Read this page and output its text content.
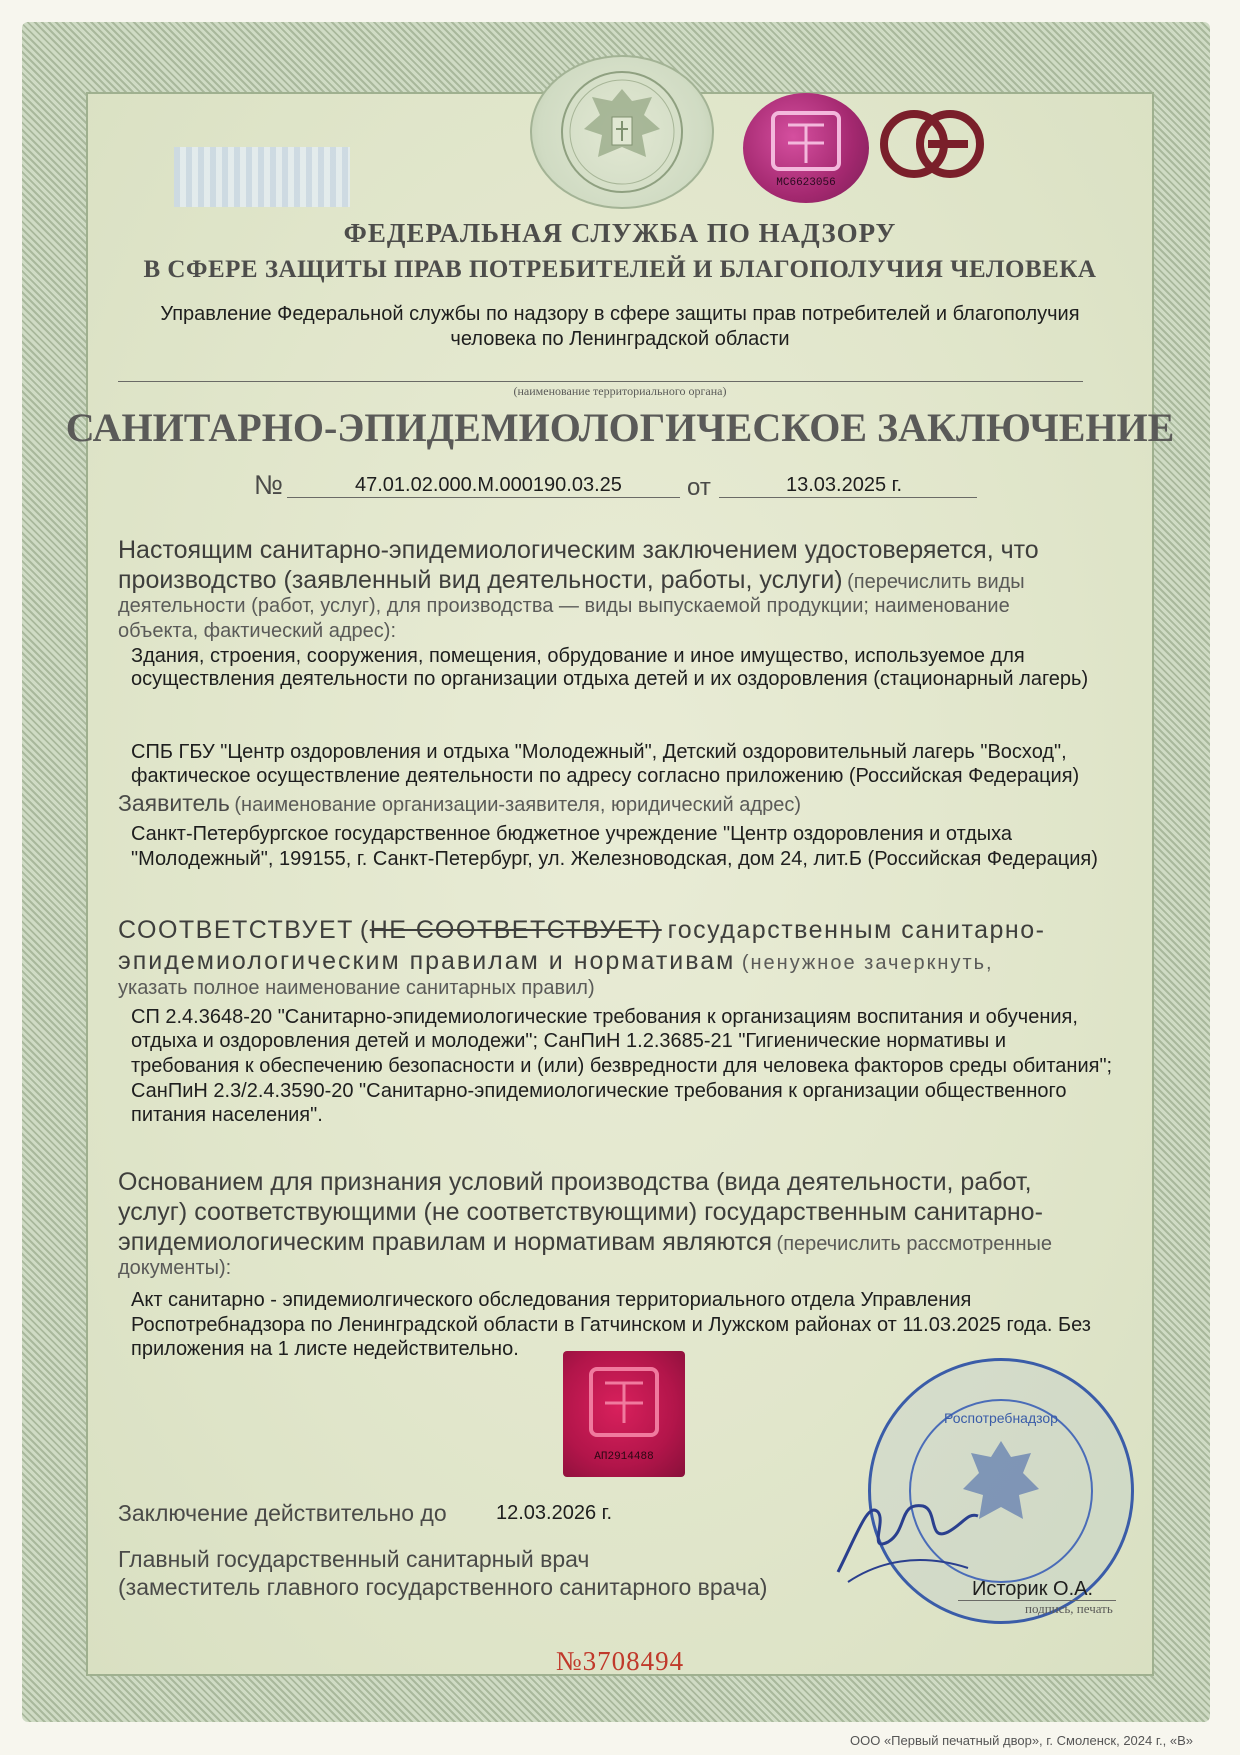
МС6623056
ФЕДЕРАЛЬНАЯ СЛУЖБА ПО НАДЗОРУ
В СФЕРЕ ЗАЩИТЫ ПРАВ ПОТРЕБИТЕЛЕЙ И БЛАГОПОЛУЧИЯ ЧЕЛОВЕКА
Управление Федеральной службы по надзору в сфере защиты прав потребителей и благополучия
человека по Ленинградской области
(наименование территориального органа)
САНИТАРНО-ЭПИДЕМИОЛОГИЧЕСКОЕ ЗАКЛЮЧЕНИЕ
№	47.01.02.000.М.000190.03.25	от	13.03.2025 г.
Настоящим санитарно-эпидемиологическим заключением удостоверяется, что
производство (заявленный вид деятельности, работы, услуги) (перечислить виды
деятельности (работ, услуг), для производства — виды выпускаемой продукции; наименование
объекта, фактический адрес):
Здания, строения, сооружения, помещения, обрудование и иное имущество, используемое для
осуществления деятельности по организации отдыха детей и их оздоровления (стационарный лагерь)
СПБ ГБУ "Центр оздоровления и отдыха "Молодежный", Детский оздоровительный лагерь "Восход",
фактическое осуществление деятельности по адресу согласно приложению (Российская Федерация)
Заявитель (наименование организации-заявителя, юридический адрес)
Санкт-Петербургское государственное бюджетное учреждение "Центр оздоровления и отдыха
"Молодежный", 199155, г. Санкт-Петербург, ул. Железноводская, дом 24, лит.Б (Российская Федерация)
СООТВЕТСТВУЕТ (НЕ СООТВЕТСТВУЕТ) государственным санитарно-
эпидемиологическим правилам и нормативам (ненужное зачеркнуть,
указать полное наименование санитарных правил)
СП 2.4.3648-20 "Санитарно-эпидемиологические требования к организациям воспитания и обучения,
отдыха и оздоровления детей и молодежи"; СанПиН 1.2.3685-21 "Гигиенические нормативы и
требования к обеспечению безопасности и (или) безвредности для человека факторов среды обитания";
СанПиН 2.3/2.4.3590-20 "Санитарно-эпидемиологические требования к организации общественного
питания населения".
Основанием для признания условий производства (вида деятельности, работ,
услуг) соответствующими (не соответствующими) государственным санитарно-
эпидемиологическим правилам и нормативам являются (перечислить рассмотренные
документы):
Акт санитарно - эпидемиолгического обследования территориального отдела Управления
Роспотребнадзора по Ленинградской области в Гатчинском и Лужском районах от 11.03.2025 года. Без
приложения на 1 листе недействительно.
АП2914488
Заключение действительно до 12.03.2026 г.
Главный государственный санитарный врач
(заместитель главного государственного санитарного врача)
Роспотребнадзор
Историк О.А.
подпись, печать
№3708494
ООО «Первый печатный двор», г. Смоленск, 2024 г., «В»
